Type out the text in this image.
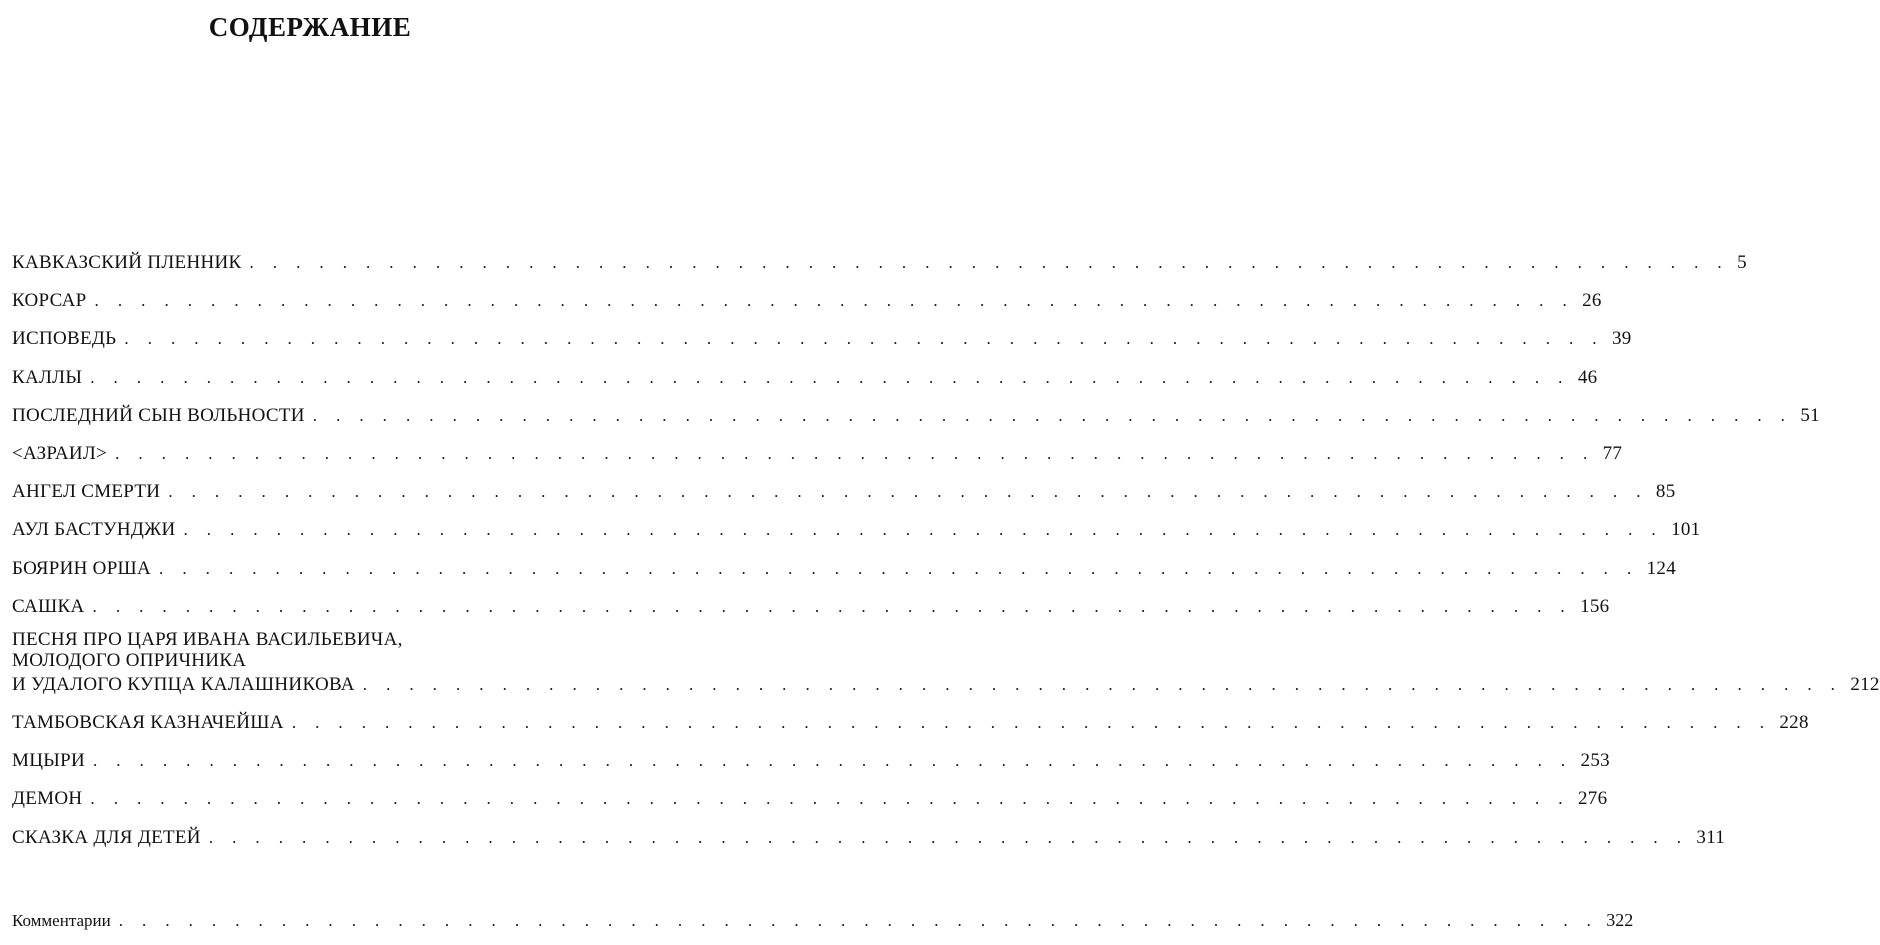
СОДЕРЖАНИЕ
КАВКАЗСКИЙ ПЛЕННИК . . . . . . . . . . . . . . . . . . . . . . . . . . . . . . . . . . . . . . . . . . . . . . . . . . . . . . . . . . . . . . . . 5
КОРСАР . . . . . . . . . . . . . . . . . . . . . . . . . . . . . . . . . . . . . . . . . . . . . . . . . . . . . . . . . . . . . . . . 26
ИСПОВЕДЬ . . . . . . . . . . . . . . . . . . . . . . . . . . . . . . . . . . . . . . . . . . . . . . . . . . . . . . . . . . . . . . . . 39
КАЛЛЫ . . . . . . . . . . . . . . . . . . . . . . . . . . . . . . . . . . . . . . . . . . . . . . . . . . . . . . . . . . . . . . . . 46
ПОСЛЕДНИЙ СЫН ВОЛЬНОСТИ . . . . . . . . . . . . . . . . . . . . . . . . . . . . . . . . . . . . . . . . . . . . . . . . . . . . . . . . . . . . . . . . 51
<АЗРАИЛ> . . . . . . . . . . . . . . . . . . . . . . . . . . . . . . . . . . . . . . . . . . . . . . . . . . . . . . . . . . . . . . . . 77
АНГЕЛ СМЕРТИ . . . . . . . . . . . . . . . . . . . . . . . . . . . . . . . . . . . . . . . . . . . . . . . . . . . . . . . . . . . . . . . . 85
АУЛ БАСТУНДЖИ . . . . . . . . . . . . . . . . . . . . . . . . . . . . . . . . . . . . . . . . . . . . . . . . . . . . . . . . . . . . . . . . 101
БОЯРИН ОРША . . . . . . . . . . . . . . . . . . . . . . . . . . . . . . . . . . . . . . . . . . . . . . . . . . . . . . . . . . . . . . . . 124
САШКА . . . . . . . . . . . . . . . . . . . . . . . . . . . . . . . . . . . . . . . . . . . . . . . . . . . . . . . . . . . . . . . . 156
ПЕСНЯ ПРО ЦАРЯ ИВАНА ВАСИЛЬЕВИЧА,
МОЛОДОГО ОПРИЧНИКА
И УДАЛОГО КУПЦА КАЛАШНИКОВА . . . . . . . . . . . . . . . . . . . . . . . . . . . . . . . . . . . . . . . . . . . . . . . . . . . . . . . . . . . . . . . . 212
ТАМБОВСКАЯ КАЗНАЧЕЙША . . . . . . . . . . . . . . . . . . . . . . . . . . . . . . . . . . . . . . . . . . . . . . . . . . . . . . . . . . . . . . . . 228
МЦЫРИ . . . . . . . . . . . . . . . . . . . . . . . . . . . . . . . . . . . . . . . . . . . . . . . . . . . . . . . . . . . . . . . . 253
ДЕМОН . . . . . . . . . . . . . . . . . . . . . . . . . . . . . . . . . . . . . . . . . . . . . . . . . . . . . . . . . . . . . . . . 276
СКАЗКА ДЛЯ ДЕТЕЙ . . . . . . . . . . . . . . . . . . . . . . . . . . . . . . . . . . . . . . . . . . . . . . . . . . . . . . . . . . . . . . . . 311
Комментарии . . . . . . . . . . . . . . . . . . . . . . . . . . . . . . . . . . . . . . . . . . . . . . . . . . . . . . . . . . . . . . . . 322
